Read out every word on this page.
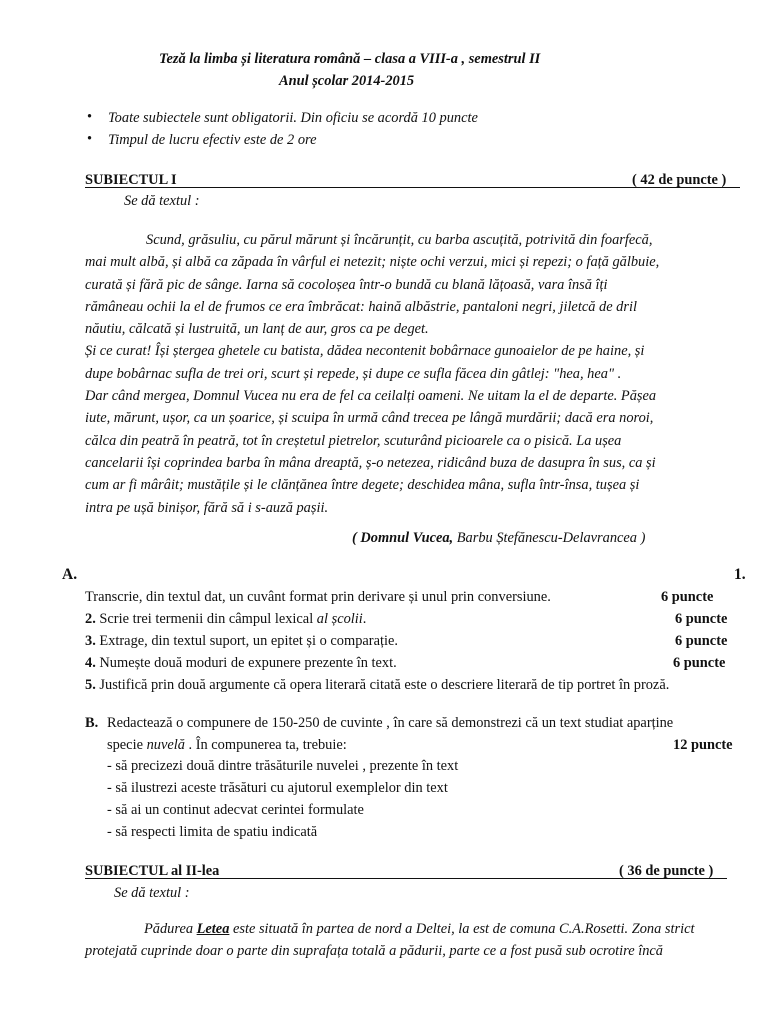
Teză la limba și literatura română – clasa a VIII-a , semestrul II
Anul școlar 2014-2015
• Toate subiectele sunt obligatorii. Din oficiu se acordă 10 puncte
• Timpul de lucru efectiv este de 2 ore
SUBIECTUL I	( 42 de puncte )
Se dă textul :
Scund, grăsuliu, cu părul mărunt și încărunțit, cu barba ascuțită, potrivită din foarfecă,
mai mult albă, și albă ca zăpada în vârful ei netezit; niște ochi verzui, mici și repezi; o față gălbuie,
curată și fără pic de sânge. Iarna să cocoloșea într-o bundă cu blană lățoasă, vara însă îți
rămâneau ochii la el de frumos ce era îmbrăcat: haină albăstrie, pantaloni negri, jiletcă de dril
năutiu, călcată și lustruită, un lanț de aur, gros ca pe deget.
Și ce curat! Își ștergea ghetele cu batista, dădea necontenit bobârnace gunoaielor de pe haine, și
dupe bobârnac sufla de trei ori, scurt și repede, și dupe ce sufla făcea din gâtlej: "hea, hea" .
Dar când mergea, Domnul Vucea nu era de fel ca ceilalți oameni. Ne uitam la el de departe. Pășea
iute, mărunt, ușor, ca un șoarice, și scuipa în urmă când trecea pe lângă murdării; dacă era noroi,
călca din peatră în peatră, tot în creștetul pietrelor, scuturând picioarele ca o pisică. La ușea
cancelarii își coprindea barba în mâna dreaptă, ș-o netezea, ridicând buza de dasupra în sus, ca și
cum ar fi mârâit; mustățile și le clănțănea între degete; deschidea mâna, sufla într-însa, tușea și
intra pe ușă binișor, fără să i s-auză pașii.
( Domnul Vucea, Barbu Ștefănescu-Delavrancea )
A.	1.
Transcrie, din textul dat, un cuvânt format prin derivare și unul prin conversiune.	6 puncte
2. Scrie trei termenii din câmpul lexical al școlii.	6 puncte
3. Extrage, din textul suport, un epitet și o comparație.	6 puncte
4. Numește două moduri de expunere prezente în text.	6 puncte
5. Justifică prin două argumente că opera literară citată este o descriere literară de tip portret în proză.
B. Redactează o compunere de 150-250 de cuvinte , în care să demonstrezi că un text studiat aparține
specie nuvelă . În compunerea ta, trebuie:	12 puncte
- să precizezi două dintre trăsăturile nuvelei , prezente în text
- să ilustrezi aceste trăsături cu ajutorul exemplelor din text
- să ai un continut adecvat cerintei formulate
- să respecti limita de spatiu indicată
SUBIECTUL al II-lea	( 36 de puncte )
Se dă textul :
Pădurea Letea este situată în partea de nord a Deltei, la est de comuna C.A.Rosetti. Zona strict
protejată cuprinde doar o parte din suprafața totală a pădurii, parte ce a fost pusă sub ocrotire încă
